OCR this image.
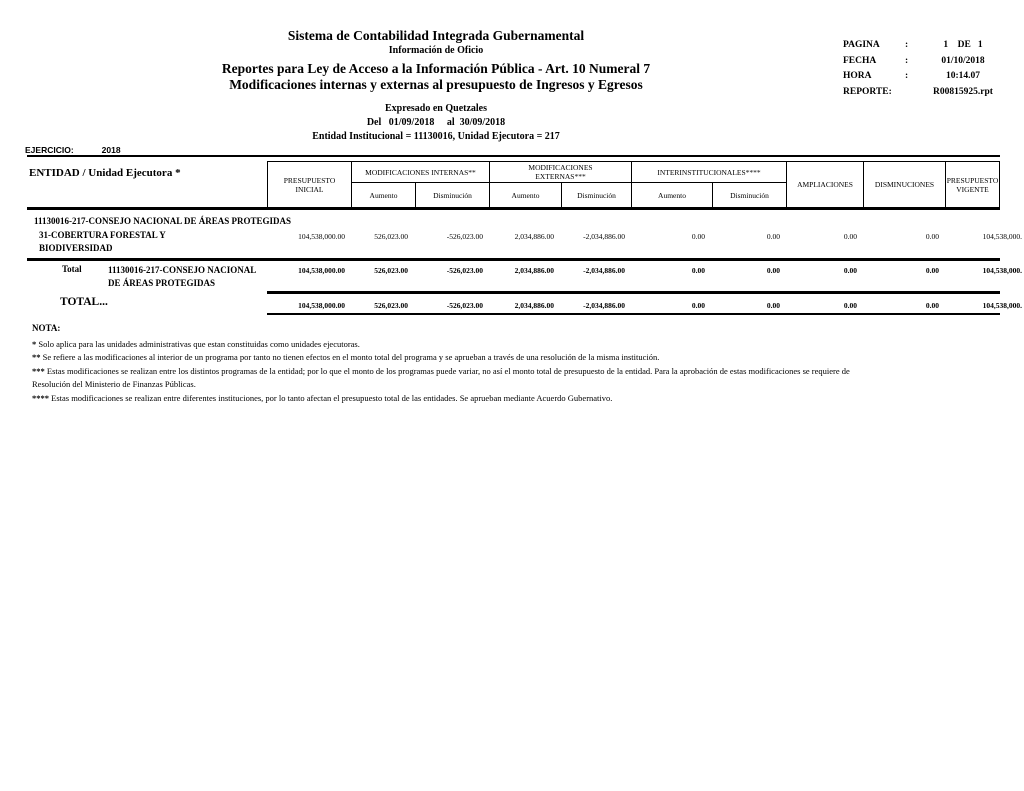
Sistema de Contabilidad Integrada Gubernamental
Información de Oficio
Reportes para Ley de Acceso a la Información Pública - Art. 10 Numeral 7
Modificaciones internas y externas al presupuesto de Ingresos y Egresos
Expresado en Quetzales
Del   01/09/2018     al  30/09/2018
Entidad Institucional = 11130016, Unidad Ejecutora = 217
PAGINA	:	1    DE   1
FECHA	:	01/10/2018
HORA	:	10:14.07
REPORTE:	R00815925.rpt
EJERCICIO:	2018
ENTIDAD / Unidad Ejecutora *
PRESUPUESTO INICIAL
MODIFICACIONES INTERNAS**
Aumento	Disminución
MODIFICACIONES EXTERNAS***
Aumento	Disminución
INTERINSTITUCIONALES****
Aumento	Disminución
AMPLIACIONES	DISMINUCIONES	PRESUPUESTO VIGENTE
11130016-217-CONSEJO NACIONAL DE ÁREAS PROTEGIDAS
31-COBERTURA FORESTAL Y BIODIVERSIDAD
104,538,000.00	526,023.00	-526,023.00	2,034,886.00	-2,034,886.00	0.00	0.00	0.00	0.00	104,538,000.
Total	11130016-217-CONSEJO NACIONAL DE ÁREAS PROTEGIDAS
104,538,000.00	526,023.00	-526,023.00	2,034,886.00	-2,034,886.00	0.00	0.00	0.00	0.00	104,538,000.
TOTAL...	104,538,000.00	526,023.00	-526,023.00	2,034,886.00	-2,034,886.00	0.00	0.00	0.00	0.00	104,538,000.
NOTA:
* Solo aplica para las unidades administrativas que estan constituidas como unidades ejecutoras.
** Se refiere a las modificaciones al interior de un programa por tanto no tienen efectos en el monto total del programa y se aprueban a través de una resolución de la misma institución.
*** Estas modificaciones se realizan entre los distintos programas de la entidad; por lo que el monto de los programas puede variar, no así el monto total de presupuesto de la entidad. Para la aprobación de estas modificaciones se requiere de Resolución del Ministerio de Finanzas Públicas.
**** Estas modificaciones se realizan entre diferentes instituciones, por lo tanto afectan el presupuesto total de las entidades. Se aprueban mediante Acuerdo Gubernativo.
